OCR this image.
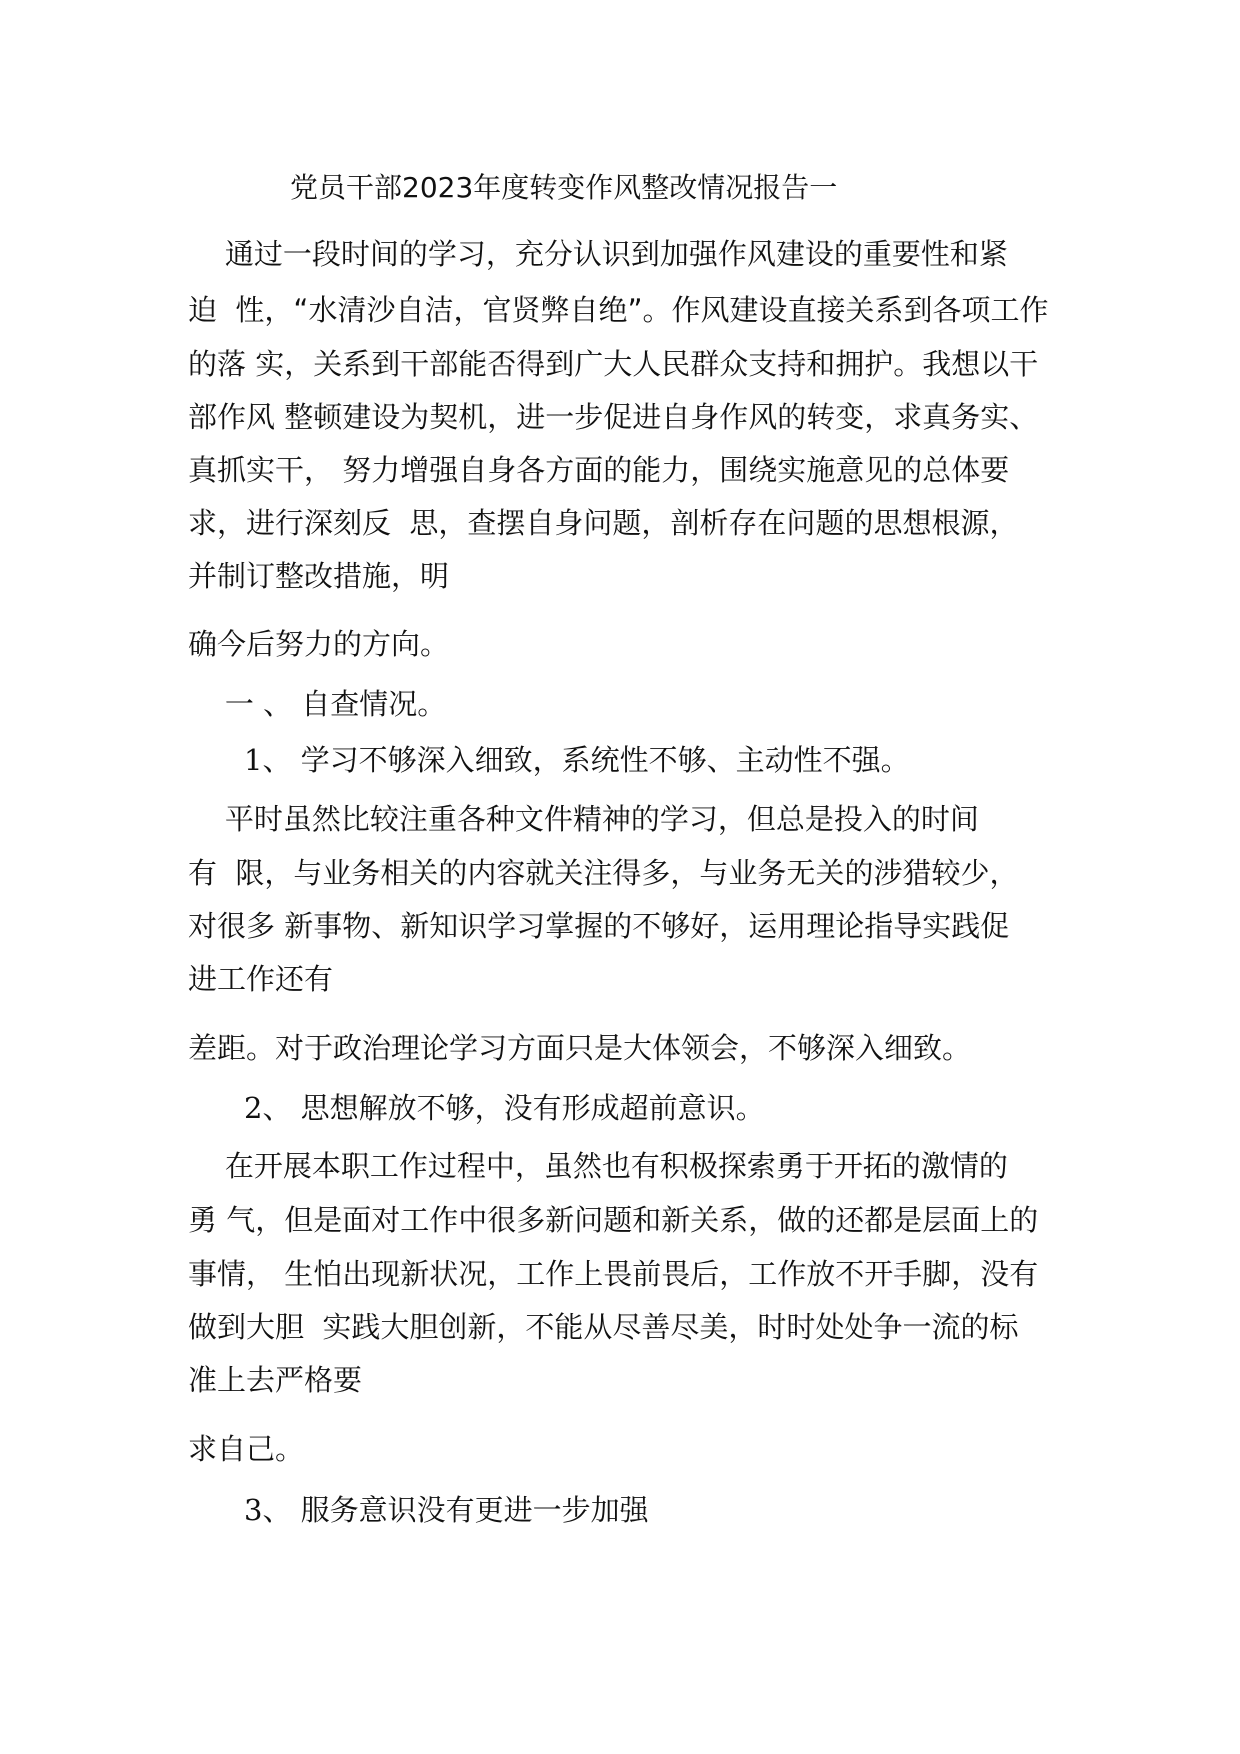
党员干部2023年度转变作风整改情况报告一
通过一段时间的学习，充分认识到加强作风建设的重要性和紧
迫  性，“水清沙自洁，官贤弊自绝”。作风建设直接关系到各项工作
的落 实，关系到干部能否得到广大人民群众支持和拥护。我想以干
部作风 整顿建设为契机，进一步促进自身作风的转变，求真务实、
真抓实干， 努力增强自身各方面的能力，围绕实施意见的总体要
求，进行深刻反  思，查摆自身问题，剖析存在问题的思想根源，
并制订整改措施，明
确今后努力的方向。
一 、 自查情况。
1、 学习不够深入细致，系统性不够、主动性不强。
平时虽然比较注重各种文件精神的学习，但总是投入的时间
有  限，与业务相关的内容就关注得多，与业务无关的涉猎较少，
对很多 新事物、新知识学习掌握的不够好，运用理论指导实践促
进工作还有
差距。对于政治理论学习方面只是大体领会，不够深入细致。
2、 思想解放不够，没有形成超前意识。
在开展本职工作过程中，虽然也有积极探索勇于开拓的激情的
勇 气，但是面对工作中很多新问题和新关系，做的还都是层面上的
事情， 生怕出现新状况，工作上畏前畏后，工作放不开手脚，没有
做到大胆  实践大胆创新，不能从尽善尽美，时时处处争一流的标
准上去严格要
求自己。
3、 服务意识没有更进一步加强
